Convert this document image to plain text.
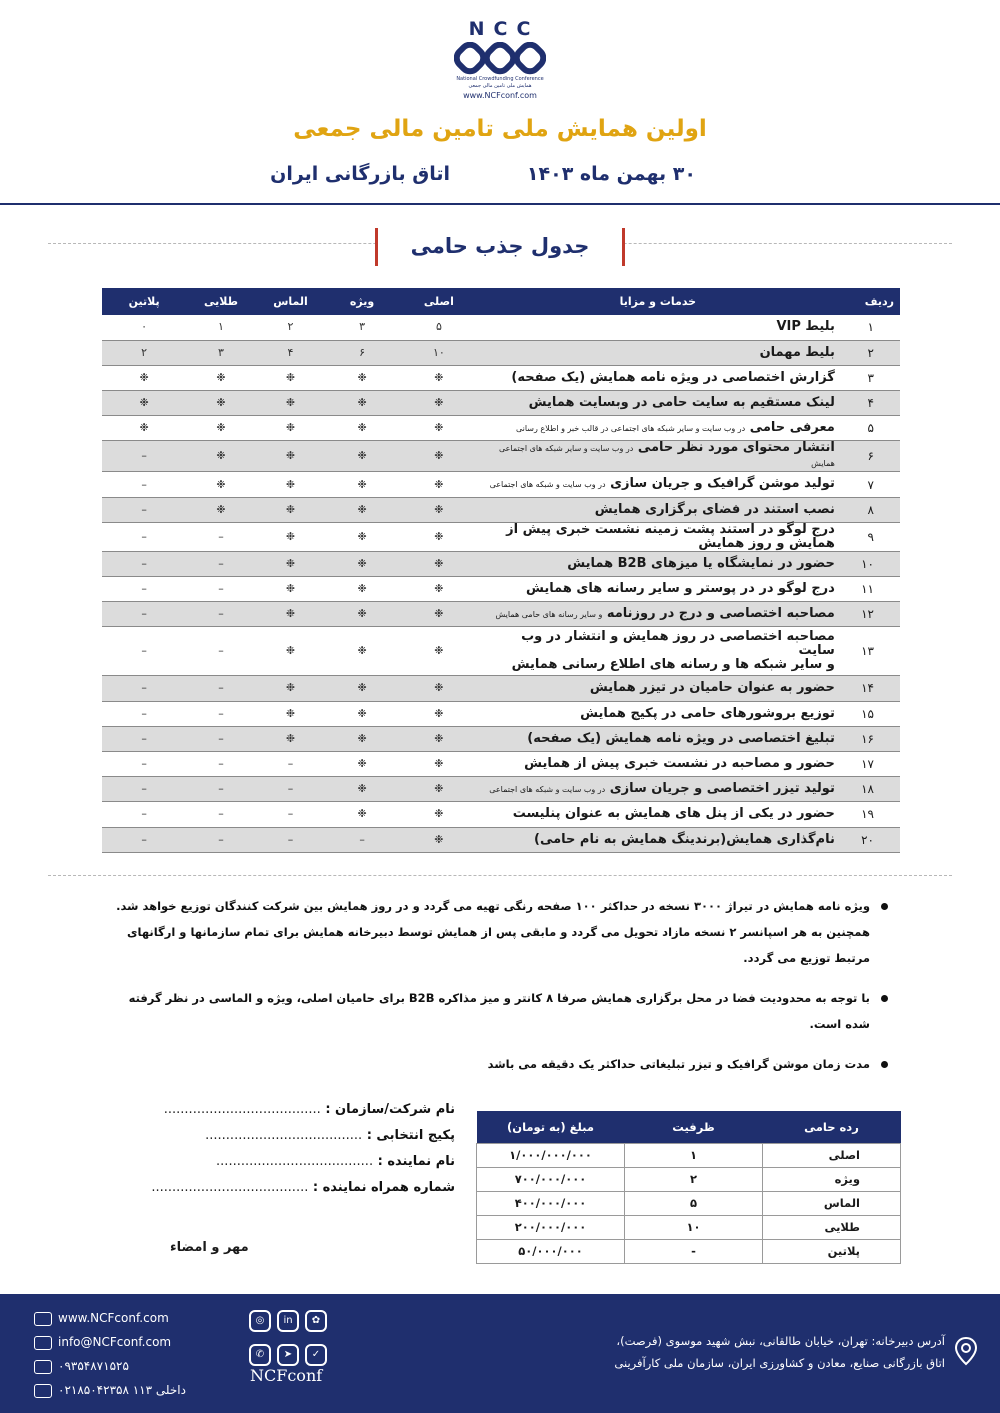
NCC
National Crowdfunding Conference
همایش ملی تامین مالی جمعی
www.NCFconf.com
اولین همایش ملی تامین مالی جمعی
۳۰ بهمن ماه ۱۴۰۳
اتاق بازرگانی ایران
جدول جذب حامی
ردیف	خدمات و مزایا	اصلی	ویژه	الماس	طلایی	پلاتین
۱	بلیط VIP	۵	۳	۲	۱	۰
۲	بلیط مهمان	۱۰	۶	۴	۳	۲
۳	گزارش اختصاصی در ویژه نامه همایش (یک صفحه)	❉	❉	❉	❉	❉
۴	لینک مستقیم به سایت حامی در وبسایت همایش	❉	❉	❉	❉	❉
۵	معرفی حامی در وب سایت و سایر شبکه های اجتماعی در قالب خبر و اطلاع رسانی	❉	❉	❉	❉	❉
۶	انتشار محتوای مورد نظر حامی در وب سایت و سایر شبکه های اجتماعی همایش	❉	❉	❉	❉	–
۷	تولید موشن گرافیک و جریان سازی در وب سایت و شبکه های اجتماعی	❉	❉	❉	❉	–
۸	نصب استند در فضای برگزاری همایش	❉	❉	❉	❉	–
۹	درج لوگو در استند پشت زمینه نشست خبری پیش از همایش و روز همایش	❉	❉	❉	–	–
۱۰	حضور در نمایشگاه یا میزهای B2B همایش	❉	❉	❉	–	–
۱۱	درج لوگو در در پوستر و سایر رسانه های همایش	❉	❉	❉	–	–
۱۲	مصاحبه اختصاصی و درج در روزنامه و سایر رسانه های حامی همایش	❉	❉	❉	–	–
۱۳	مصاحبه اختصاصی در روز همایش و انتشار در وب سایت
و سایر شبکه ها و رسانه های اطلاع رسانی همایش	❉	❉	❉	–	–
۱۴	حضور به عنوان حامیان در تیزر همایش	❉	❉	❉	–	–
۱۵	توزیع بروشورهای حامی در پکیج همایش	❉	❉	❉	–	–
۱۶	تبلیغ اختصاصی در ویژه نامه همایش (یک صفحه)	❉	❉	❉	–	–
۱۷	حضور و مصاحبه در نشست خبری پیش از همایش	❉	❉	–	–	–
۱۸	تولید تیزر اختصاصی و جریان سازی در وب سایت و شبکه های اجتماعی	❉	❉	–	–	–
۱۹	حضور در یکی از پنل های همایش به عنوان پنلیست	❉	❉	–	–	–
۲۰	نام‌گذاری همایش(برندینگ همایش به نام حامی)	❉	–	–	–	–
ویژه نامه همایش در تیراژ ۳۰۰۰ نسخه در حداکثر ۱۰۰ صفحه رنگی تهیه می گردد و در روز همایش بین شرکت کنندگان توزیع خواهد شد. همچنین به هر اسپانسر ۲ نسخه مازاد تحویل می گردد و مابقی پس از همایش توسط دبیرخانه همایش برای تمام سازمانها و ارگانهای مرتبط توزیع می گردد.
با توجه به محدودیت فضا در محل برگزاری همایش صرفا ۸ کانتر و میز مذاکره B2B برای حامیان اصلی، ویژه و الماسی در نظر گرفته شده است.
مدت زمان موشن گرافیک و تیزر تبلیغاتی حداکثر یک دقیقه می باشد
نام شرکت/سازمان : ......................................
پکیج انتخابی : ......................................
نام نماینده : ......................................
شماره همراه نماینده : ......................................
مهر و امضاء
رده حامی	ظرفیت	مبلغ (به تومان)
اصلی	۱	۱/۰۰۰/۰۰۰/۰۰۰
ویژه	۲	۷۰۰/۰۰۰/۰۰۰
الماس	۵	۴۰۰/۰۰۰/۰۰۰
طلایی	۱۰	۲۰۰/۰۰۰/۰۰۰
پلاتین	-	۵۰/۰۰۰/۰۰۰
آدرس دبیرخانه: تهران، خیابان طالقانی، نبش شهید موسوی (فرصت)،
اتاق بازرگانی صنایع، معادن و کشاورزی ایران، سازمان ملی کارآفرینی
◎ in ✿ ✆ ➤ ✓
NCFconf
www.NCFconf.com
info@NCFconf.com
۰۹۳۵۴۸۷۱۵۲۵
۰۲۱۸۵۰۴۲۳۵۸ داخلی ۱۱۳
